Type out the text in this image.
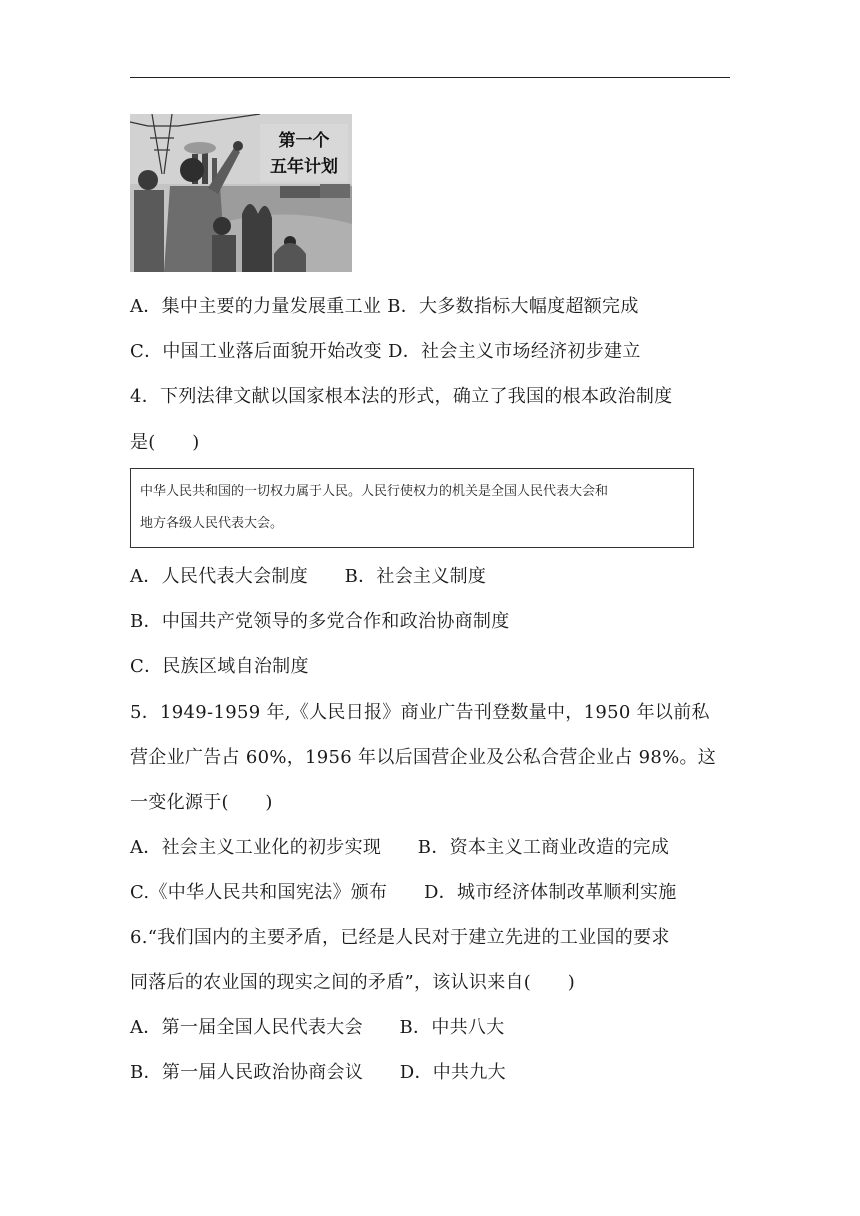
第一个
五年计划
A．集中主要的力量发展重工业 B．大多数指标大幅度超额完成
C．中国工业落后面貌开始改变 D．社会主义市场经济初步建立
4．下列法律文献以国家根本法的形式，确立了我国的根本政治制度
是(　　)
中华人民共和国的一切权力属于人民。人民行使权力的机关是全国人民代表大会和
地方各级人民代表大会。
A．人民代表大会制度　　B．社会主义制度
B．中国共产党领导的多党合作和政治协商制度
C．民族区域自治制度
5．1949-1959 年,《人民日报》商业广告刊登数量中，1950 年以前私
营企业广告占 60%，1956 年以后国营企业及公私合营企业占 98%。这
一变化源于(　　)
A．社会主义工业化的初步实现　　B．资本主义工商业改造的完成
C.《中华人民共和国宪法》颁布　　D．城市经济体制改革顺利实施
6.“我们国内的主要矛盾，已经是人民对于建立先进的工业国的要求
同落后的农业国的现实之间的矛盾”，该认识来自(　　)
A．第一届全国人民代表大会　　B．中共八大
B．第一届人民政治协商会议　　D．中共九大
